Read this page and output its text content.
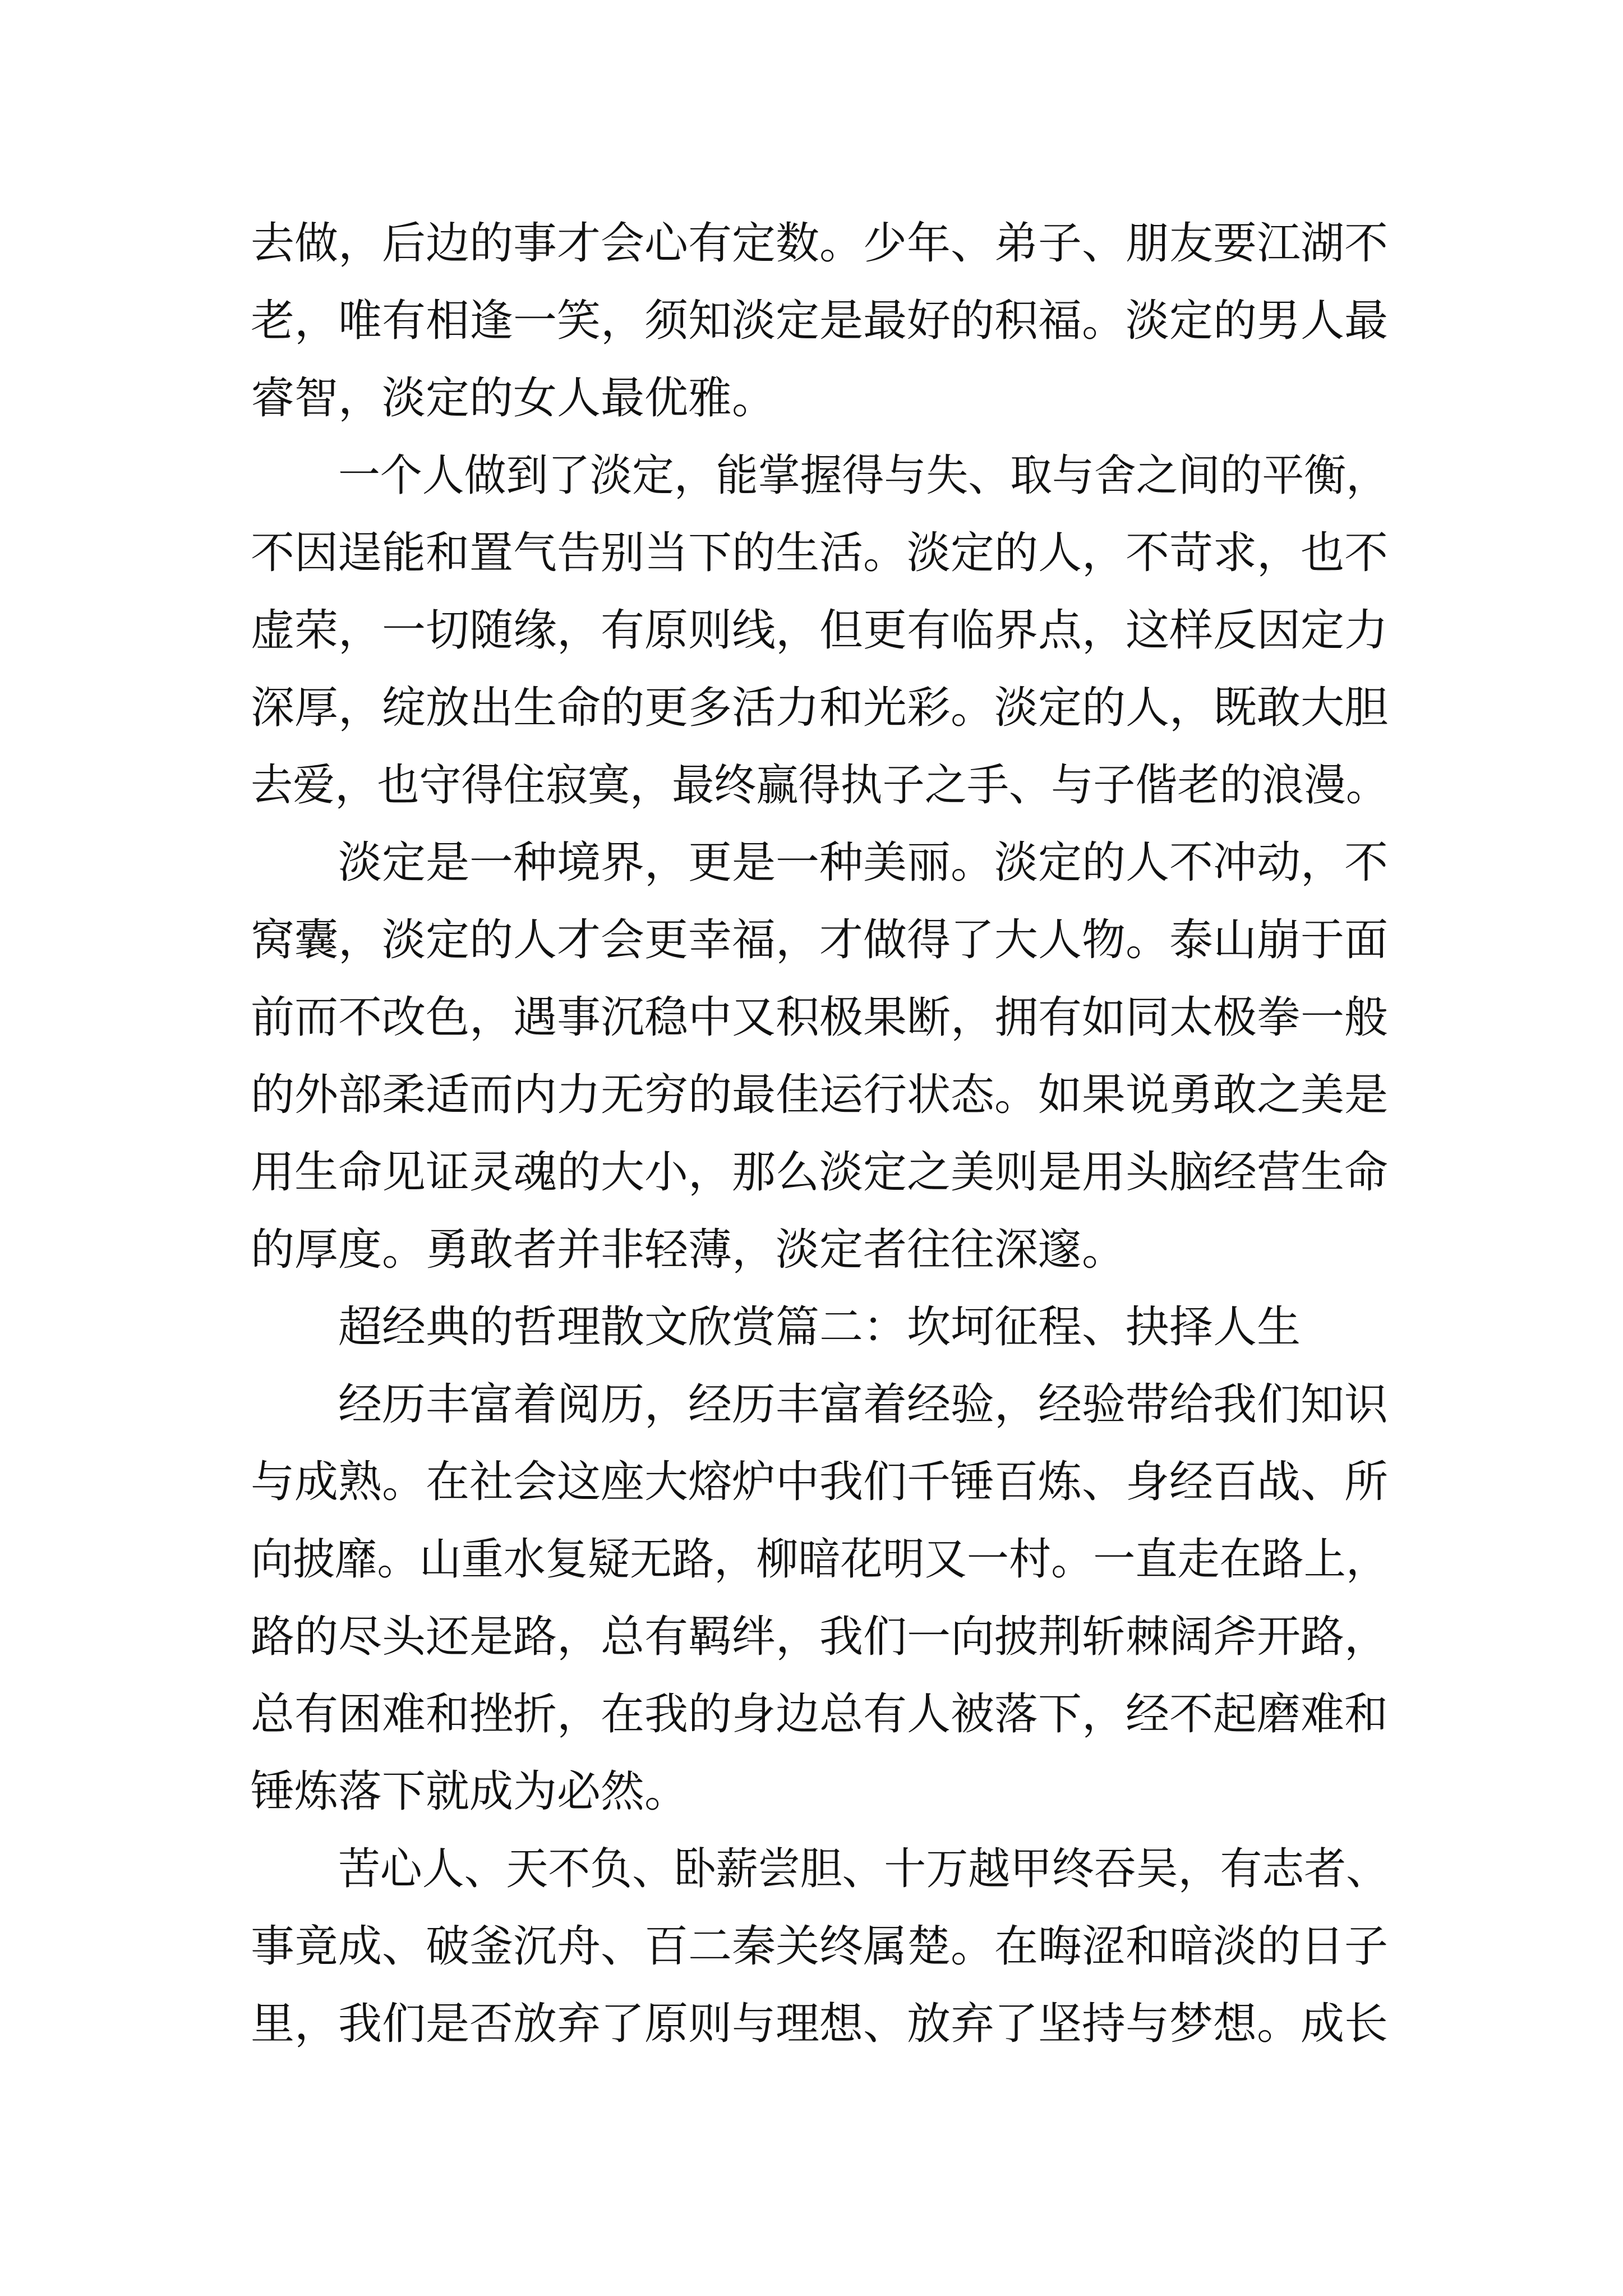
去做，后边的事才会心有定数。少年、弟子、朋友要江湖不
老，唯有相逢一笑，须知淡定是最好的积福。淡定的男人最
睿智，淡定的女人最优雅。
一个人做到了淡定，能掌握得与失、取与舍之间的平衡，
不因逞能和置气告别当下的生活。淡定的人，不苛求，也不
虚荣，一切随缘，有原则线，但更有临界点，这样反因定力
深厚，绽放出生命的更多活力和光彩。淡定的人，既敢大胆
去爱，也守得住寂寞，最终赢得执子之手、与子偕老的浪漫。
淡定是一种境界，更是一种美丽。淡定的人不冲动，不
窝囊，淡定的人才会更幸福，才做得了大人物。泰山崩于面
前而不改色，遇事沉稳中又积极果断，拥有如同太极拳一般
的外部柔适而内力无穷的最佳运行状态。如果说勇敢之美是
用生命见证灵魂的大小，那么淡定之美则是用头脑经营生命
的厚度。勇敢者并非轻薄，淡定者往往深邃。
超经典的哲理散文欣赏篇二：坎坷征程、抉择人生
经历丰富着阅历，经历丰富着经验，经验带给我们知识
与成熟。在社会这座大熔炉中我们千锤百炼、身经百战、所
向披靡。山重水复疑无路，柳暗花明又一村。一直走在路上，
路的尽头还是路，总有羁绊，我们一向披荆斩棘阔斧开路，
总有困难和挫折，在我的身边总有人被落下，经不起磨难和
锤炼落下就成为必然。
苦心人、天不负、卧薪尝胆、十万越甲终吞吴，有志者、
事竟成、破釜沉舟、百二秦关终属楚。在晦涩和暗淡的日子
里，我们是否放弃了原则与理想、放弃了坚持与梦想。成长
